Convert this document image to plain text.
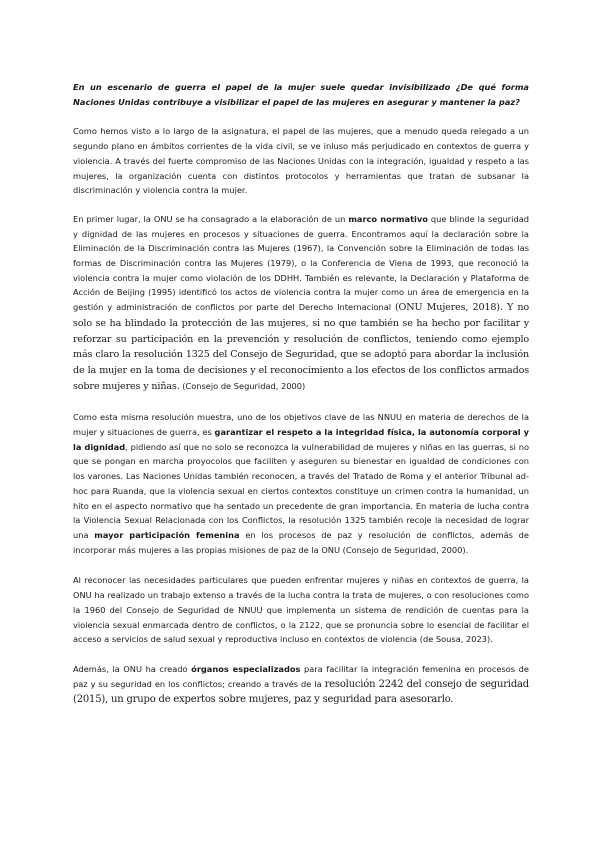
En un escenario de guerra el papel de la mujer suele quedar invisibilizado ¿De qué forma Naciones Unidas contribuye a visibilizar el papel de las mujeres en asegurar y mantener la paz?

Como hemos visto a lo largo de la asignatura, el papel de las mujeres, que a menudo queda relegado a un segundo plano en ámbitos corrientes de la vida civil, se ve inluso más perjudicado en contextos de guerra y violencia. A través del fuerte compromiso de las Naciones Unidas con la integración, igualdad y respeto a las mujeres, la organización cuenta con distintos protocolos y herramientas que tratan de subsanar la discriminación y violencia contra la mujer.

En primer lugar, la ONU se ha consagrado a la elaboración de un marco normativo que blinde la seguridad y dignidad de las mujeres en procesos y situaciones de guerra. Encontramos aquí la declaración sobre la Eliminación de la Discriminación contra las Mujeres (1967), la Convención sobre la Eliminación de todas las formas de Discriminación contra las Mujeres (1979), o la Conferencia de Viena de 1993, que reconoció la violencia contra la mujer como violación de los DDHH. También es relevante, la Declaración y Plataforma de Acción de Beijing (1995) identificó los actos de violencia contra la mujer como un área de emergencia en la gestión y administración de conflictos por parte del Derecho Internacional (ONU Mujeres, 2018). Y no solo se ha blindado la protección de las mujeres, si no que también se ha hecho por facilitar y reforzar su participación en la prevención y resolución de conflictos, teniendo como ejemplo más claro la resolución 1325 del Consejo de Seguridad, que se adoptó para abordar la inclusión de la mujer en la toma de decisiones y el reconocimiento a los efectos de los conflictos armados sobre mujeres y niñas. (Consejo de Seguridad, 2000)

Como esta misma resolución muestra, uno de los objetivos clave de las NNUU en materia de derechos de la mujer y situaciones de guerra, es garantizar el respeto a la integridad física, la autonomía corporal y la dignidad, pidiendo así que no solo se reconozca la vulnerabilidad de mujeres y niñas en las guerras, si no que se pongan en marcha proyocolos que faciliten y aseguren su bienestar en igualdad de condiciones con los varones. Las Naciones Unidas también reconocen, a través del Tratado de Roma y el anterior Tribunal ad-hoc para Ruanda, que la violencia sexual en ciertos contextos constituye un crimen contra la humanidad, un hito en el aspecto normativo que ha sentado un precedente de gran importancia. En materia de lucha contra la Violencia Sexual Relacionada con los Conflictos, la resolución 1325 también recoje la necesidad de lograr una mayor participación femenina en los procesos de paz y resolución de conflictos, además de incorporar más mujeres a las propias misiones de paz de la ONU (Consejo de Seguridad, 2000).

Al reconocer las necesidades particulares que pueden enfrentar mujeres y niñas en contextos de guerra, la ONU ha realizado un trabajo extenso a través de la lucha contra la trata de mujeres, o con resoluciones como la 1960 del Consejo de Seguridad de NNUU que implementa un sistema de rendición de cuentas para la violencia sexual enmarcada dentro de conflictos, o la 2122, que se pronuncia sobre lo esencial de facilitar el acceso a servicios de salud sexual y reproductiva incluso en contextos de violencia (de Sousa, 2023).

Además, la ONU ha creado órganos especializados para facilitar la integración femenina en procesos de paz y su seguridad en los conflictos; creando a través de la resolución 2242 del consejo de seguridad (2015), un grupo de expertos sobre mujeres, paz y seguridad para asesorarlo.
